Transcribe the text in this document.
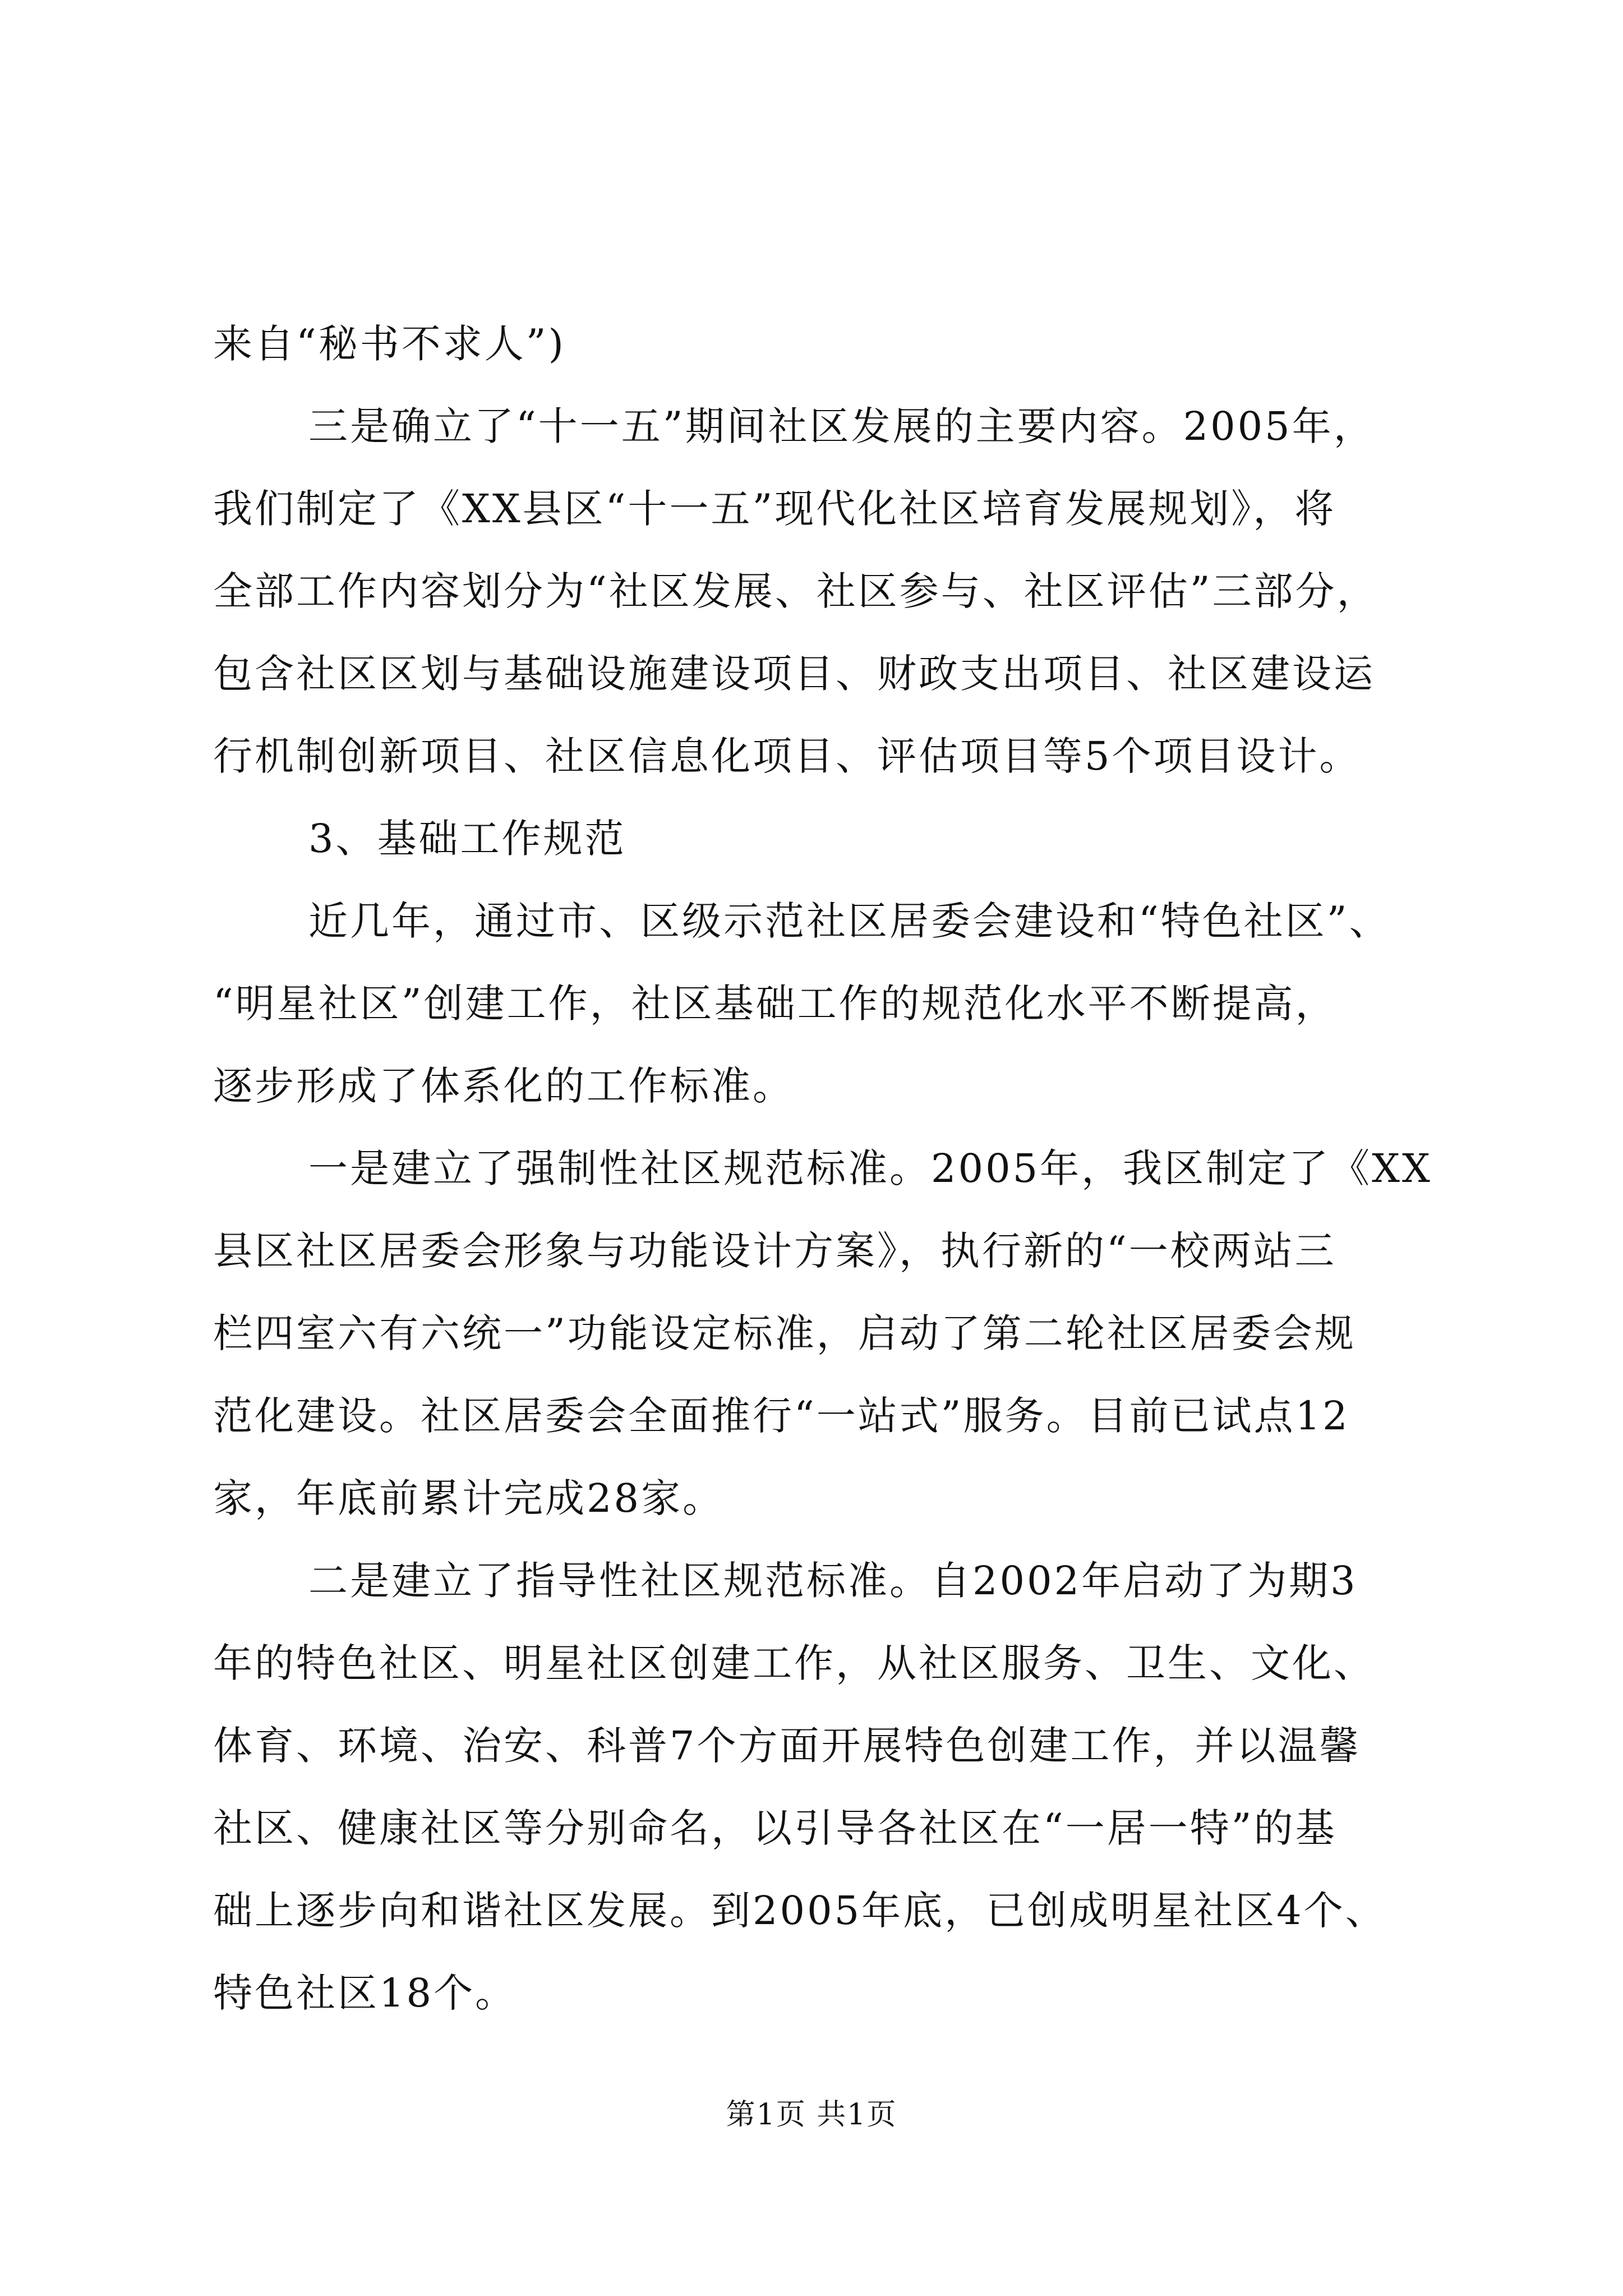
来自“秘书不求人”)
三是确立了“十一五”期间社区发展的主要内容。2005年，
我们制定了《XX县区“十一五”现代化社区培育发展规划》，将
全部工作内容划分为“社区发展、社区参与、社区评估”三部分，
包含社区区划与基础设施建设项目、财政支出项目、社区建设运
行机制创新项目、社区信息化项目、评估项目等5个项目设计。
3、基础工作规范
近几年，通过市、区级示范社区居委会建设和“特色社区”、
“明星社区”创建工作，社区基础工作的规范化水平不断提高，
逐步形成了体系化的工作标准。
一是建立了强制性社区规范标准。2005年，我区制定了《XX
县区社区居委会形象与功能设计方案》，执行新的“一校两站三
栏四室六有六统一”功能设定标准，启动了第二轮社区居委会规
范化建设。社区居委会全面推行“一站式”服务。目前已试点12
家，年底前累计完成28家。
二是建立了指导性社区规范标准。自2002年启动了为期3
年的特色社区、明星社区创建工作，从社区服务、卫生、文化、
体育、环境、治安、科普7个方面开展特色创建工作，并以温馨
社区、健康社区等分别命名，以引导各社区在“一居一特”的基
础上逐步向和谐社区发展。到2005年底，已创成明星社区4个、
特色社区18个。
第1页 共1页
